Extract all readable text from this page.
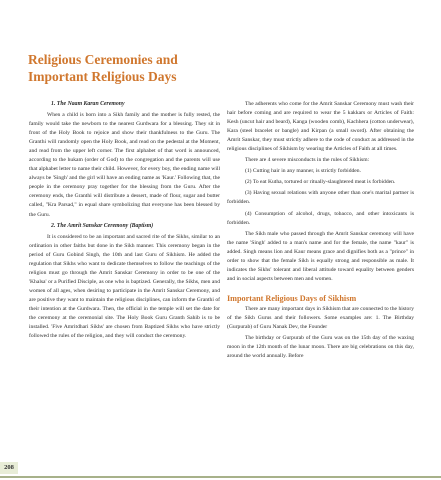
Religious Ceremonies and
Important Religious Days
1. The Naam Karan Ceremony

When a child is born into a Sikh family and the mother is fully rested, the family would take the newborn to the nearest Gurdwara for a blessing. They sit in front of the Holy Book to rejoice and show their thankfulness to the Guru. The Granthi will randomly open the Holy Book, and read on the pedestal at the Moment, and read from the upper left corner. The first alphabet of that word is announced, according to the hukam (order of God) to the congregation and the parents will use that alphabet letter to name their child. However, for every boy, the ending name will always be 'Singh' and the girl will have an ending name as 'Kaur.' Following that, the people in the ceremony pray together for the blessing from the Guru. After the ceremony ends, the Granthi will distribute a dessert, made of flour, sugar and butter called, "Kra Parsad," in equal share symbolizing that everyone has been blessed by the Guru.

2. The Amrit Sanskar Ceremony (Baptism)

It is considered to be an important and sacred rite of the Sikhs, similar to an ordination in other faiths but done in the Sikh manner. This ceremony began in the period of Guru Gobind Singh, the 10th and last Guru of Sikhism. He added the regulation that Sikhs who want to dedicate themselves to follow the teachings of the religion must go through the Amrit Sanskar Ceremony in order to be one of the 'Khalsa' or a Purified Disciple, as one who is baptized. Generally, the Sikhs, men and women of all ages, when desiring to participate in the Amrit Sanskar Ceremony, and are positive they want to maintain the religious disciplines, can inform the Granthi of their intention at the Gurdwara. Then, the official in the temple will set the date for the ceremony at the ceremonial site. The Holy Book Guru Granth Sahib is to be installed. 'Five Amritdhari Sikhs' are chosen from Baptized Sikhs who have strictly followed the rules of the religion, and they will conduct the ceremony.

The adherents who come for the Amrit Sanskar Ceremony must wash their hair before coming and are required to wear the 5 kakkars or Articles of Faith: Kesh (uncut hair and beard), Kanga (wooden comb), Kachhera (cotton underwear), Kara (steel bracelet or bangle) and Kirpan (a small sword). After obtaining the Amrit Sanskar, they must strictly adhere to the code of conduct as addressed in the religious disciplines of Sikhism by wearing the Articles of Faith at all times.

There are 4 severe misconducts in the rules of Sikhism:

(1) Cutting hair in any manner, is strictly forbidden.

(2) To eat Kutha, tortured or ritually-slaughtered meat is forbidden.

(3) Having sexual relations with anyone other than one's marital partner is forbidden.

(4) Consumption of alcohol, drugs, tobacco, and other intoxicants is forbidden.

The Sikh male who passed through the Amrit Sanskar ceremony will have the name 'Singh' added to a man's name and for the female, the name "kaur" is added. Singh means lion and Kaur means grace and dignifies both as a "prince" in order to show that the female Sikh is equally strong and responsible as male. It indicates the Sikhs' tolerant and liberal attitude toward equality between genders and in social aspects between men and women.

Important Religious Days of Sikhism

There are many important days in Sikhism that are connected to the history of the Sikh Gurus and their followers. Some examples are: 1. The Birthday (Gurpurab) of Guru Nanak Dev, the Founder

The birthday or Gurpurab of the Guru was on the 15th day of the waxing moon in the 12th month of the lunar moon. There are big celebrations on this day, around the world annually. Before

208
